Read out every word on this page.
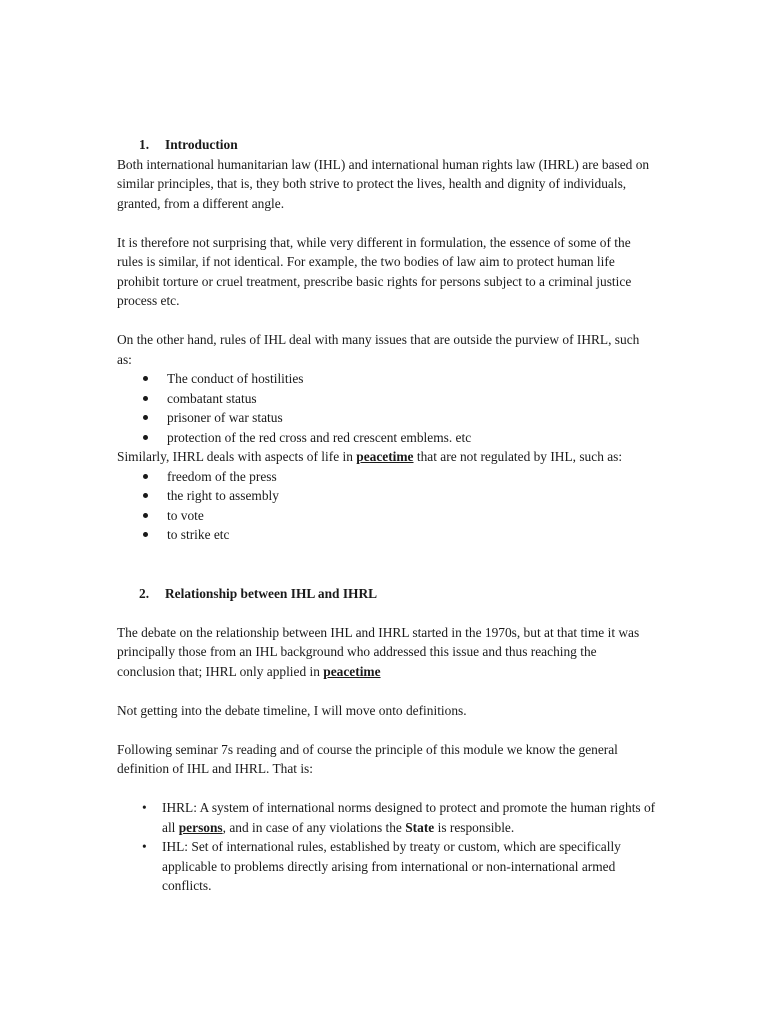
1. Introduction

Both international humanitarian law (IHL) and international human rights law (IHRL) are based on similar principles, that is, they both strive to protect the lives, health and dignity of individuals, granted, from a different angle.

It is therefore not surprising that, while very different in formulation, the essence of some of the rules is similar, if not identical. For example, the two bodies of law aim to protect human life prohibit torture or cruel treatment, prescribe basic rights for persons subject to a criminal justice process etc.

On the other hand, rules of IHL deal with many issues that are outside the purview of IHRL, such as:

The conduct of hostilities
combatant status
prisoner of war status
protection of the red cross and red crescent emblems. etc

Similarly, IHRL deals with aspects of life in peacetime that are not regulated by IHL, such as:

freedom of the press
the right to assembly
to vote
to strike etc

2. Relationship between IHL and IHRL

The debate on the relationship between IHL and IHRL started in the 1970s, but at that time it was principally those from an IHL background who addressed this issue and thus reaching the conclusion that; IHRL only applied in peacetime

Not getting into the debate timeline, I will move onto definitions.

Following seminar 7s reading and of course the principle of this module we know the general definition of IHL and IHRL. That is:

• IHRL: A system of international norms designed to protect and promote the human rights of all persons, and in case of any violations the State is responsible.
• IHL: Set of international rules, established by treaty or custom, which are specifically applicable to problems directly arising from international or non-international armed conflicts.
